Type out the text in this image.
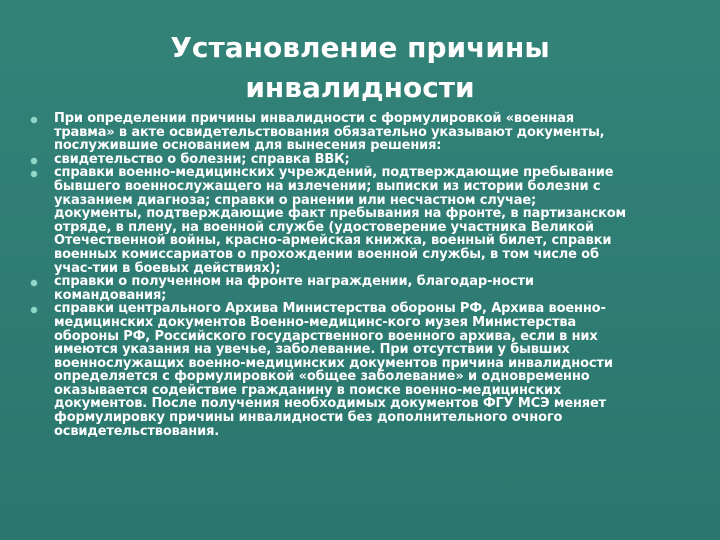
Установление причины
инвалидности
При определении причины инвалидности с формулировкой «военная
травма» в акте освидетельствования обязательно указывают документы,
послужившие основанием для вынесения решения:
свидетельство о болезни; справка ВВК;
справки военно-медицинских учреждений, подтверждающие пребывание
бывшего военнослужащего на излечении; выписки из истории болезни с
указанием диагноза; справки о ранении или несчастном случае;
документы, подтверждающие факт пребывания на фронте, в партизанском
отряде, в плену, на военной службе (удостоверение участника Великой
Отечественной войны, красно-армейская книжка, военный билет, справки
военных комиссариатов о прохождении военной службы, в том числе об
учас-тии в боевых действиях);
справки о полученном на фронте награждении, благодар-ности
командования;
справки центрального Архива Министерства обороны РФ, Архива военно-
медицинских документов Военно-медицинс-кого музея Министерства
обороны РФ, Российского государственного военного архива, если в них
имеются указания на увечье, заболевание. При отсутствии у бывших
военнослужащих военно-медицинских документов причина инвалидности
определяется с формулировкой «общее заболевание» и одновременно
оказывается содействие гражданину в поиске военно-медицинских
документов. После получения необходимых документов ФГУ МСЭ меняет
формулировку причины инвалидности без дополнительного очного
освидетельствования.
